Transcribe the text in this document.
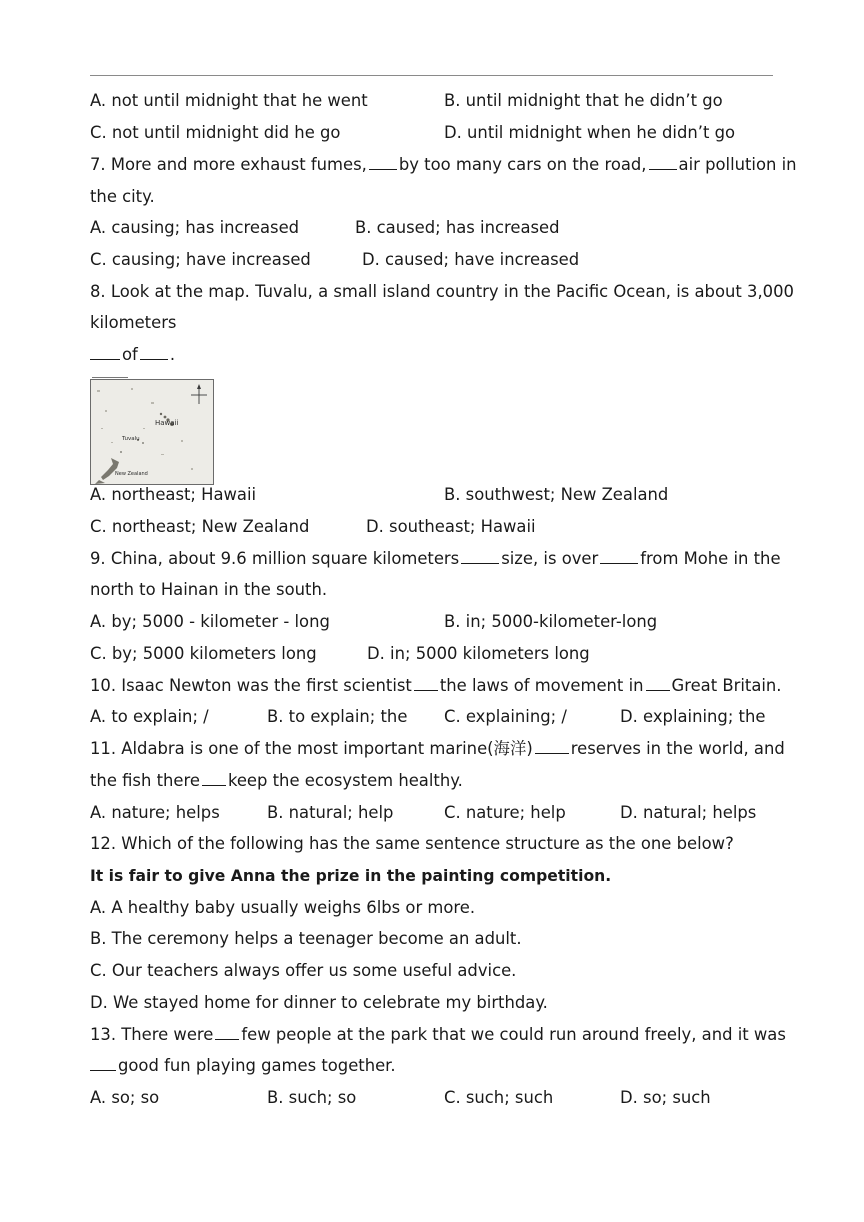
A. not until midnight that he went	B. until midnight that he didn’t go
C. not until midnight did he go	D. until midnight when he didn’t go
7. More and more exhaust fumes, by too many cars on the road,	air pollution in
the city.
A. causing; has increased	B. caused; has increased
C. causing; have increased	D. caused; have increased
8. Look at the map. Tuvalu, a small island country in the Pacific Ocean, is about 3,000
kilometers
of .
Hawaii
Tuvalu
New Zealand
A. northeast; Hawaii	B. southwest; New Zealand
C. northeast; New Zealand	D. southeast; Hawaii
9. China, about 9.6 million square kilometers	size, is over	from Mohe in the
north to Hainan in the south.
A. by; 5000 - kilometer - long	B. in; 5000-kilometer-long
C. by; 5000 kilometers long	D. in; 5000 kilometers long
10. Isaac Newton was the first scientist the laws of movement in Great Britain.
A. to explain; /	B. to explain; the C. explaining; /	D. explaining; the
11. Aldabra is one of the most important marine(海洋)	reserves in the world, and
the fish there keep the ecosystem healthy.
A. nature; helps	B. natural; help	C. nature; help	D. natural; helps
12. Which of the following has the same sentence structure as the one below?
It is fair to give Anna the prize in the painting competition.
A. A healthy baby usually weighs 6lbs or more.
B. The ceremony helps a teenager become an adult.
C. Our teachers always offer us some useful advice.
D. We stayed home for dinner to celebrate my birthday.
13. There were few people at the park that we could run around freely, and it was
good fun playing games together.
A. so; so	B. such; so	C. such; such	D. so; such
